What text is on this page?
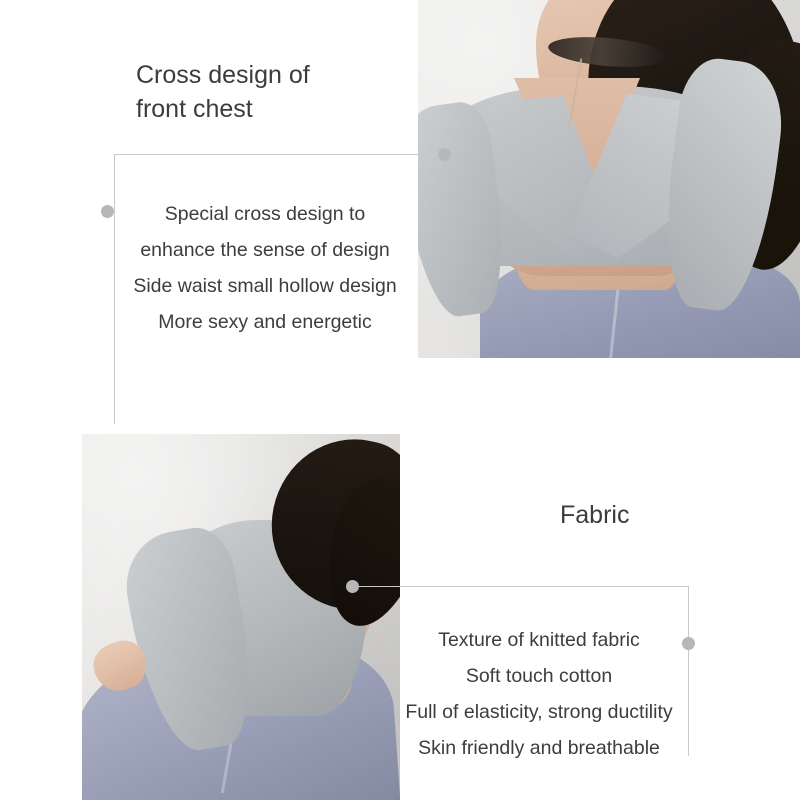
Cross design of
front chest
Special cross design to
enhance the sense of design
Side waist small hollow design
More sexy and energetic
Fabric
Texture of knitted fabric
Soft touch cotton
Full of elasticity, strong ductility
Skin friendly and breathable
